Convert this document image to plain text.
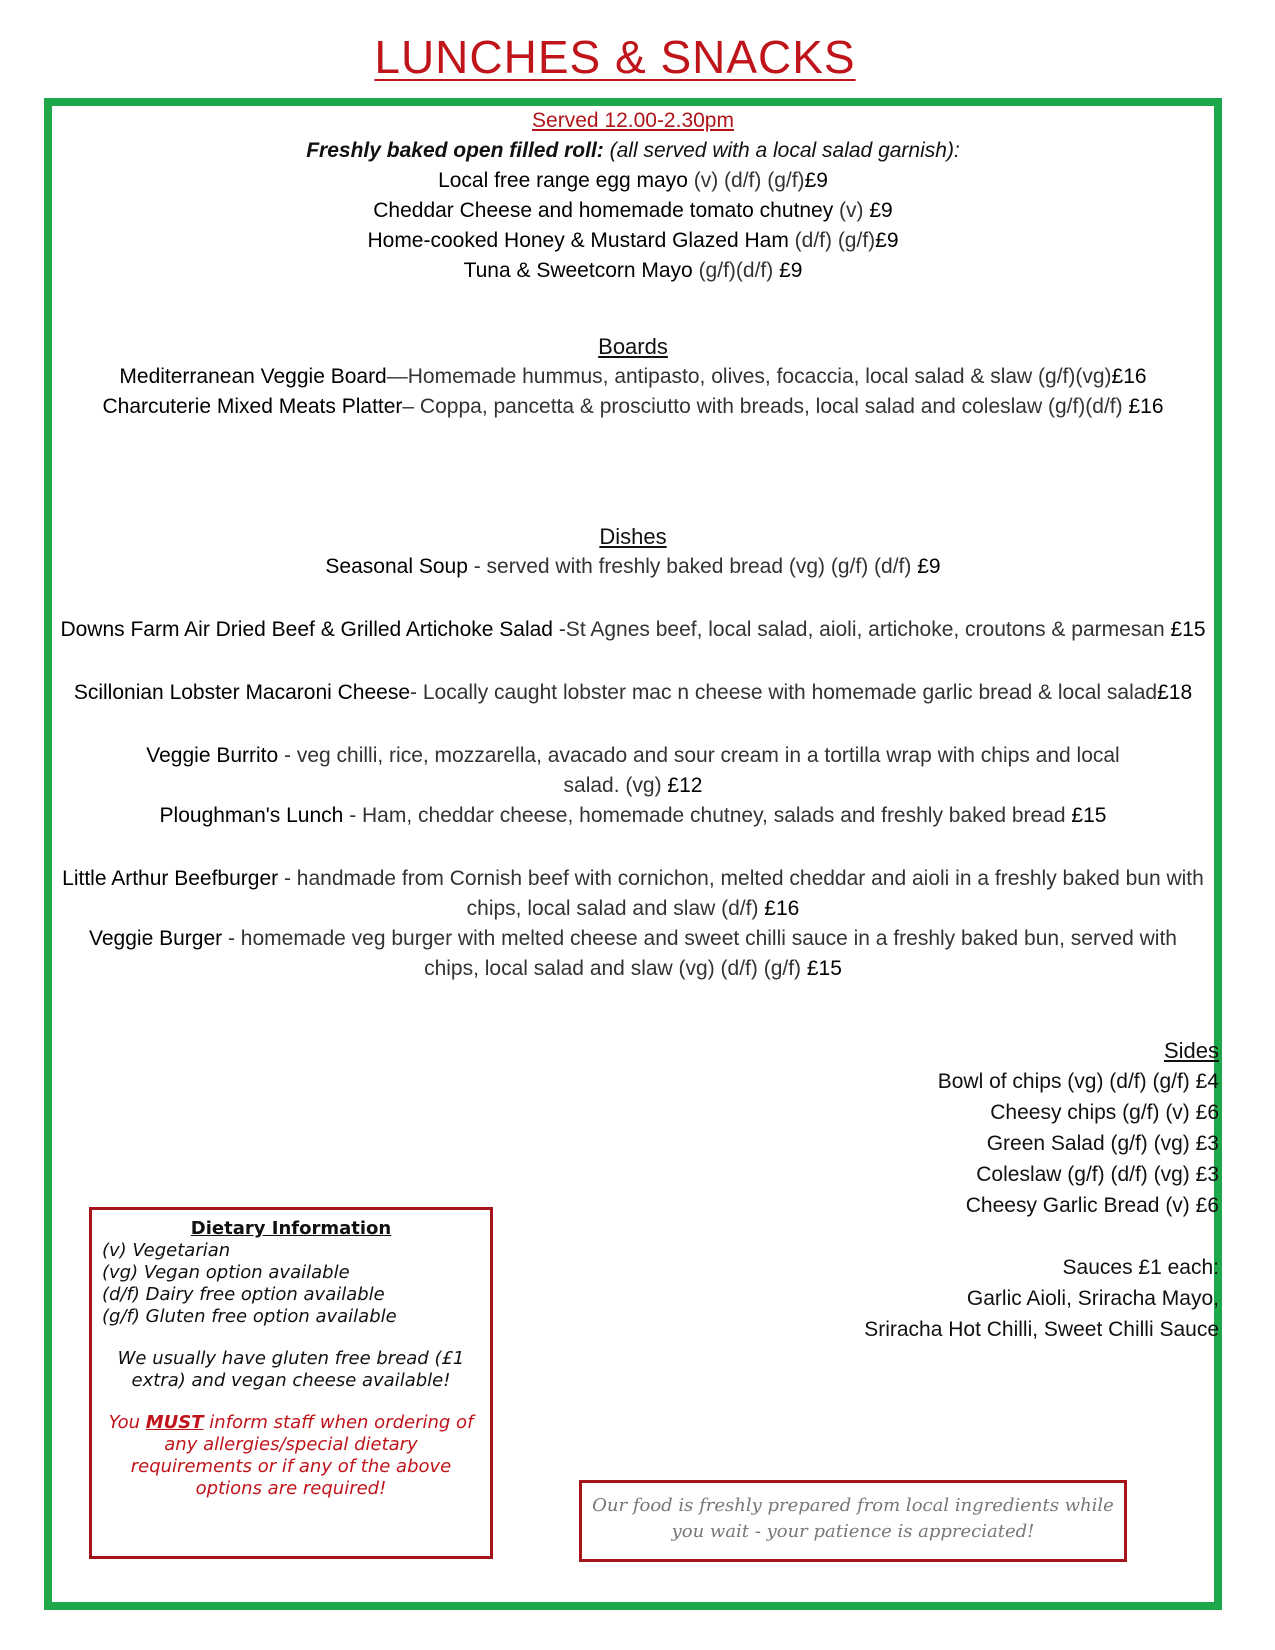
LUNCHES & SNACKS
Served 12.00-2.30pm
Freshly baked open filled roll: (all served with a local salad garnish):
Local free range egg mayo (v) (d/f) (g/f)£9
Cheddar Cheese and homemade tomato chutney (v) £9
Home-cooked Honey & Mustard Glazed Ham (d/f) (g/f)£9
Tuna & Sweetcorn Mayo (g/f)(d/f) £9
Boards
Mediterranean Veggie Board—Homemade hummus, antipasto, olives, focaccia, local salad & slaw (g/f)(vg)£16
Charcuterie Mixed Meats Platter– Coppa, pancetta & prosciutto with breads, local salad and coleslaw (g/f)(d/f) £16
Dishes
Seasonal Soup - served with freshly baked bread (vg) (g/f) (d/f) £9
Downs Farm Air Dried Beef & Grilled Artichoke Salad -St Agnes beef, local salad, aioli, artichoke, croutons & parmesan £15
Scillonian Lobster Macaroni Cheese- Locally caught lobster mac n cheese with homemade garlic bread & local salad£18
Veggie Burrito - veg chilli, rice, mozzarella, avacado and sour cream in a tortilla wrap with chips and local
salad. (vg) £12
Ploughman's Lunch - Ham, cheddar cheese, homemade chutney, salads and freshly baked bread £15
Little Arthur Beefburger - handmade from Cornish beef with cornichon, melted cheddar and aioli in a freshly baked bun with
chips, local salad and slaw (d/f) £16
Veggie Burger - homemade veg burger with melted cheese and sweet chilli sauce in a freshly baked bun, served with
chips, local salad and slaw (vg) (d/f) (g/f) £15
Sides
Bowl of chips (vg) (d/f) (g/f) £4
Cheesy chips (g/f) (v) £6
Green Salad (g/f) (vg) £3
Coleslaw (g/f) (d/f) (vg) £3
Cheesy Garlic Bread (v) £6
Sauces £1 each:
Garlic Aioli, Sriracha Mayo,
Sriracha Hot Chilli, Sweet Chilli Sauce
Dietary Information
(v) Vegetarian
(vg) Vegan option available
(d/f) Dairy free option available
(g/f) Gluten free option available
We usually have gluten free bread (£1 extra) and vegan cheese available!
You MUST inform staff when ordering of any allergies/special dietary requirements or if any of the above options are required!
Our food is freshly prepared from local ingredients while
you wait - your patience is appreciated!
